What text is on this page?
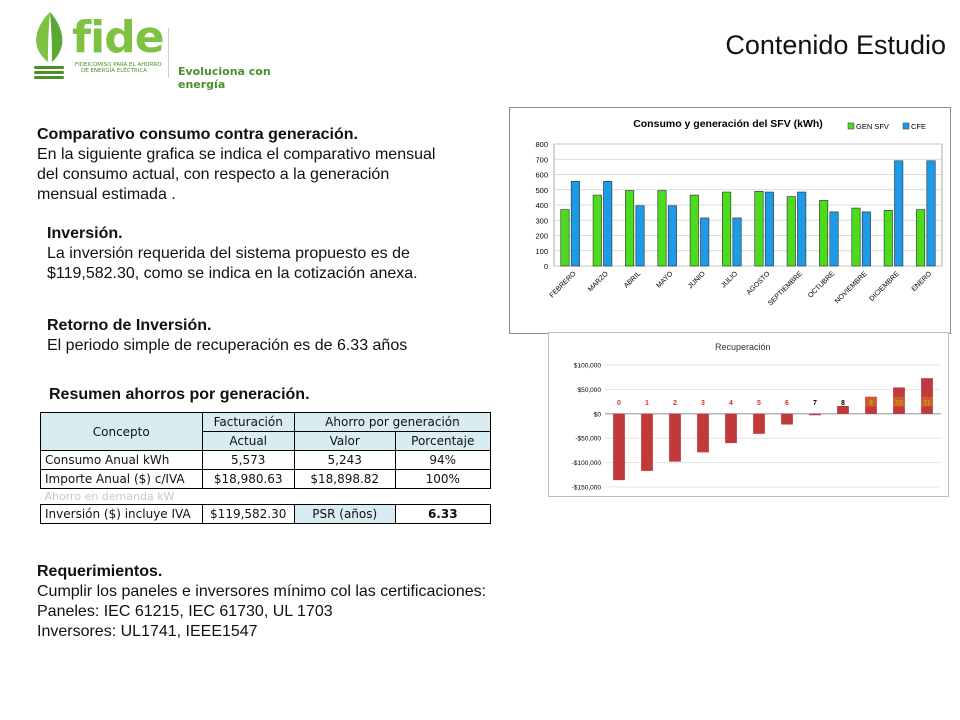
fide
FIDEICOMISO PARA EL AHORRO
DE ENERGÍA ELÉCTRICA	Evoluciona con energía
Contenido Estudio
Comparativo consumo contra generación.
En la siguiente grafica se indica el comparativo mensual
del consumo actual, con respecto a la generación
mensual estimada .
Inversión.
La inversión requerida del sistema propuesto es de
$119,582.30, como se indica en la cotización anexa.
Retorno de Inversión.
El periodo simple de recuperación es de 6.33 años
Resumen ahorros por generación.
Concepto	Facturación	Ahorro por generación	
	Actual	Valor	Porcentaje
Consumo Anual kWh	5,573	5,243	94%
Importe Anual ($) c/IVA	$18,980.63	$18,898.82	100%
Ahorro en demanda kW			
Inversión ($) incluye IVA	$119,582.30	PSR (años)	6.33
Requerimientos.
Cumplir los paneles e inversores mínimo col las certificaciones:
Paneles: IEC 61215, IEC 61730, UL 1703
Inversores: UL1741, IEEE1547
Consumo y generación del SFV (kWh)
0
100
200
300
400
500
600
700
800
FEBRERO MARZO ABRIL MAYO JUNIO JULIO AGOSTO
SEPTIEMBRE OCTUBRE
NOVIEMBRE DICIEMBRE ENERO
GEN SFV	CFE
Recuperación
$100,000
$50,000
$0
-$50,000
-$100,000
-$150,000
0	1	2	3	4	5	6	7	8	9	10	11
